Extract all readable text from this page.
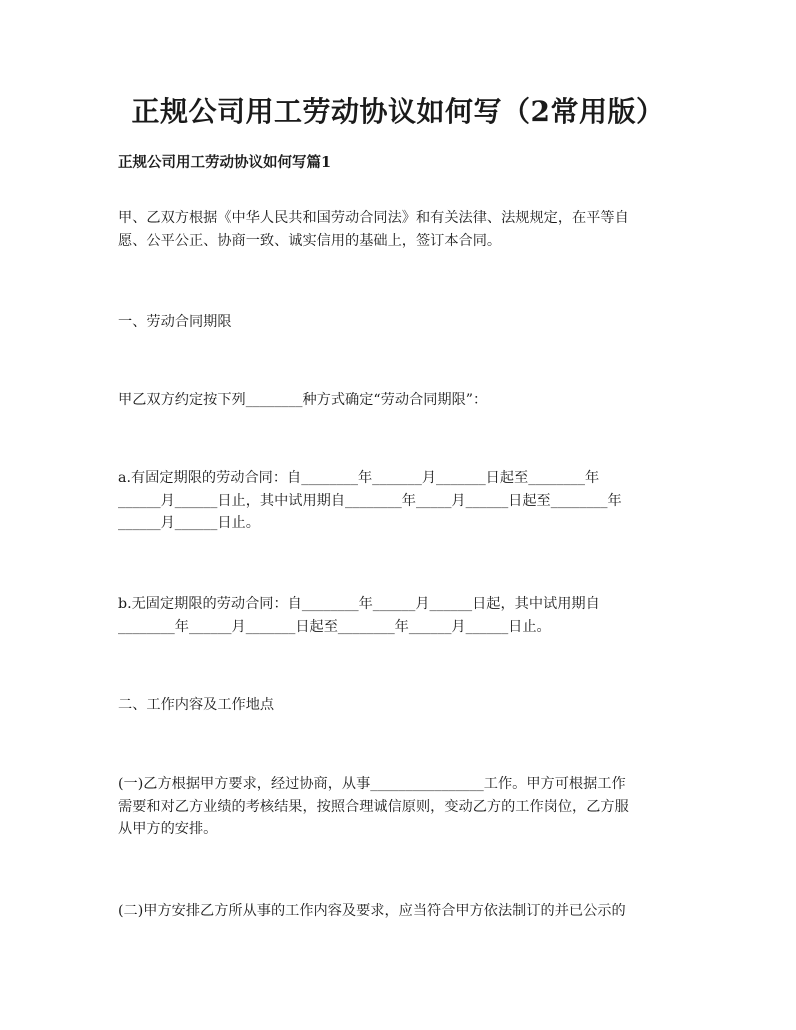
正规公司用工劳动协议如何写（2常用版）
正规公司用工劳动协议如何写篇1
甲、乙双方根据《中华人民共和国劳动合同法》和有关法律、法规规定，在平等自
愿、公平公正、协商一致、诚实信用的基础上，签订本合同。
一、劳动合同期限
甲乙双方约定按下列________种方式确定“劳动合同期限”：
a.有固定期限的劳动合同：自________年_______月_______日起至________年
______月______日止，其中试用期自________年_____月______日起至________年
______月______日止。
b.无固定期限的劳动合同：自________年______月______日起，其中试用期自
________年______月_______日起至________年______月______日止。
二、工作内容及工作地点
(一)乙方根据甲方要求，经过协商，从事________________工作。甲方可根据工作
需要和对乙方业绩的考核结果，按照合理诚信原则，变动乙方的工作岗位，乙方服
从甲方的安排。
(二)甲方安排乙方所从事的工作内容及要求，应当符合甲方依法制订的并已公示的
